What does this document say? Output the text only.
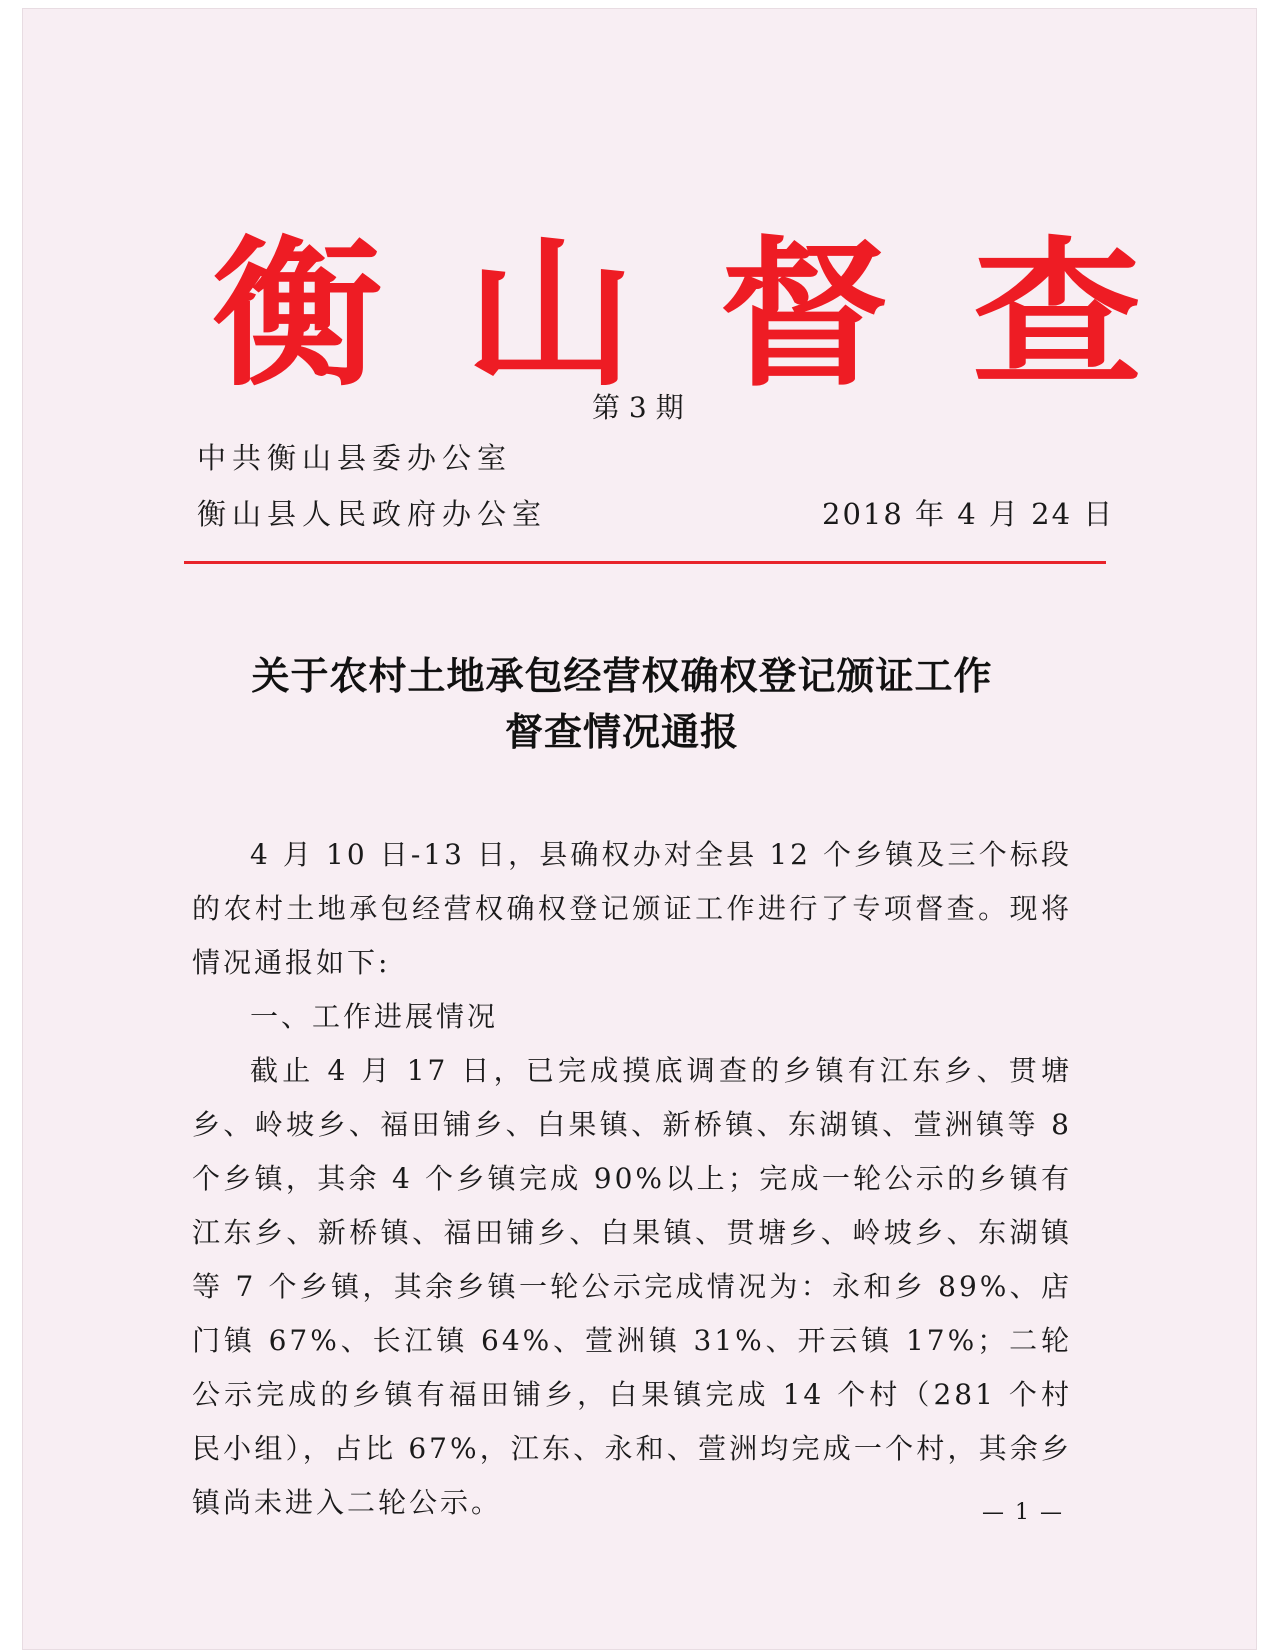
衡 山 督 查
第 3 期
中共衡山县委办公室
衡山县人民政府办公室	2018 年 4 月 24 日
关于农村土地承包经营权确权登记颁证工作
督查情况通报

4 月 10 日-13 日，县确权办对全县 12 个乡镇及三个标段的农村土地承包经营权确权登记颁证工作进行了专项督查。现将情况通报如下:

一、工作进展情况

截止 4 月 17 日，已完成摸底调查的乡镇有江东乡、贯塘乡、岭坡乡、福田铺乡、白果镇、新桥镇、东湖镇、萱洲镇等 8 个乡镇，其余 4 个乡镇完成 90%以上；完成一轮公示的乡镇有江东乡、新桥镇、福田铺乡、白果镇、贯塘乡、岭坡乡、东湖镇等 7 个乡镇，其余乡镇一轮公示完成情况为：永和乡 89%、店门镇 67%、长江镇 64%、萱洲镇 31%、开云镇 17%；二轮公示完成的乡镇有福田铺乡，白果镇完成 14 个村（281 个村民小组），占比 67%，江东、永和、萱洲均完成一个村，其余乡镇尚未进入二轮公示。	— 1 —
